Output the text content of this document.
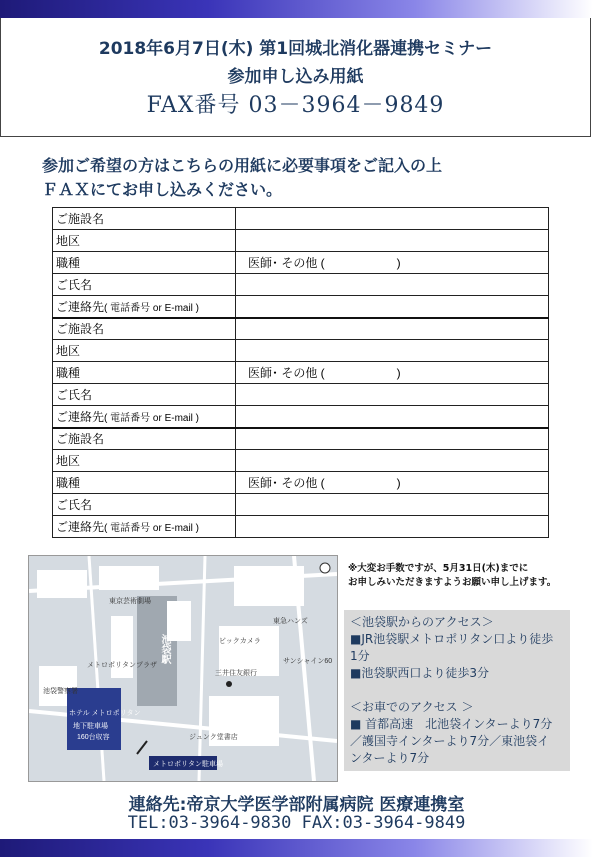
2018年6月7日(木) 第1回城北消化器連携セミナー
参加申し込み用紙
FAX番号 03－3964－9849
参加ご希望の方はこちらの用紙に必要事項をご記入の上
ＦＡＸにてお申し込みください。
ご施設名	
地区	
職種	医師･ その他 (　　　　　　)
ご氏名	
ご連絡先( 電話番号 or E-mail )	
ご施設名	
地区	
職種	医師･ その他 (　　　　　　)
ご氏名	
ご連絡先( 電話番号 or E-mail )	
ご施設名	
地区	
職種	医師･ その他 (　　　　　　)
ご氏名	
ご連絡先( 電話番号 or E-mail )	
池袋駅
ホテル メトロポリタン
地下駐車場
160台収容
メトロポリタン駐車場
メトロポリタンプラザ
ビックカメラ
サンシャイン60
東急ハンズ
池袋警察署
東京芸術劇場
ジュンク堂書店
三井住友銀行
※大変お手数ですが、5月31日(木)までに
お申しみいただきますようお願い申し上げます。
＜池袋駅からのアクセス＞
■JR池袋駅メトロポリタン口より徒歩
1分
■池袋駅西口より徒歩3分
＜お車でのアクセス ＞
■ 首都高速　北池袋インターより7分
／護国寺インターより7分／東池袋イ
ンターより7分
連絡先:帝京大学医学部附属病院 医療連携室
TEL:03-3964-9830 FAX:03-3964-9849
